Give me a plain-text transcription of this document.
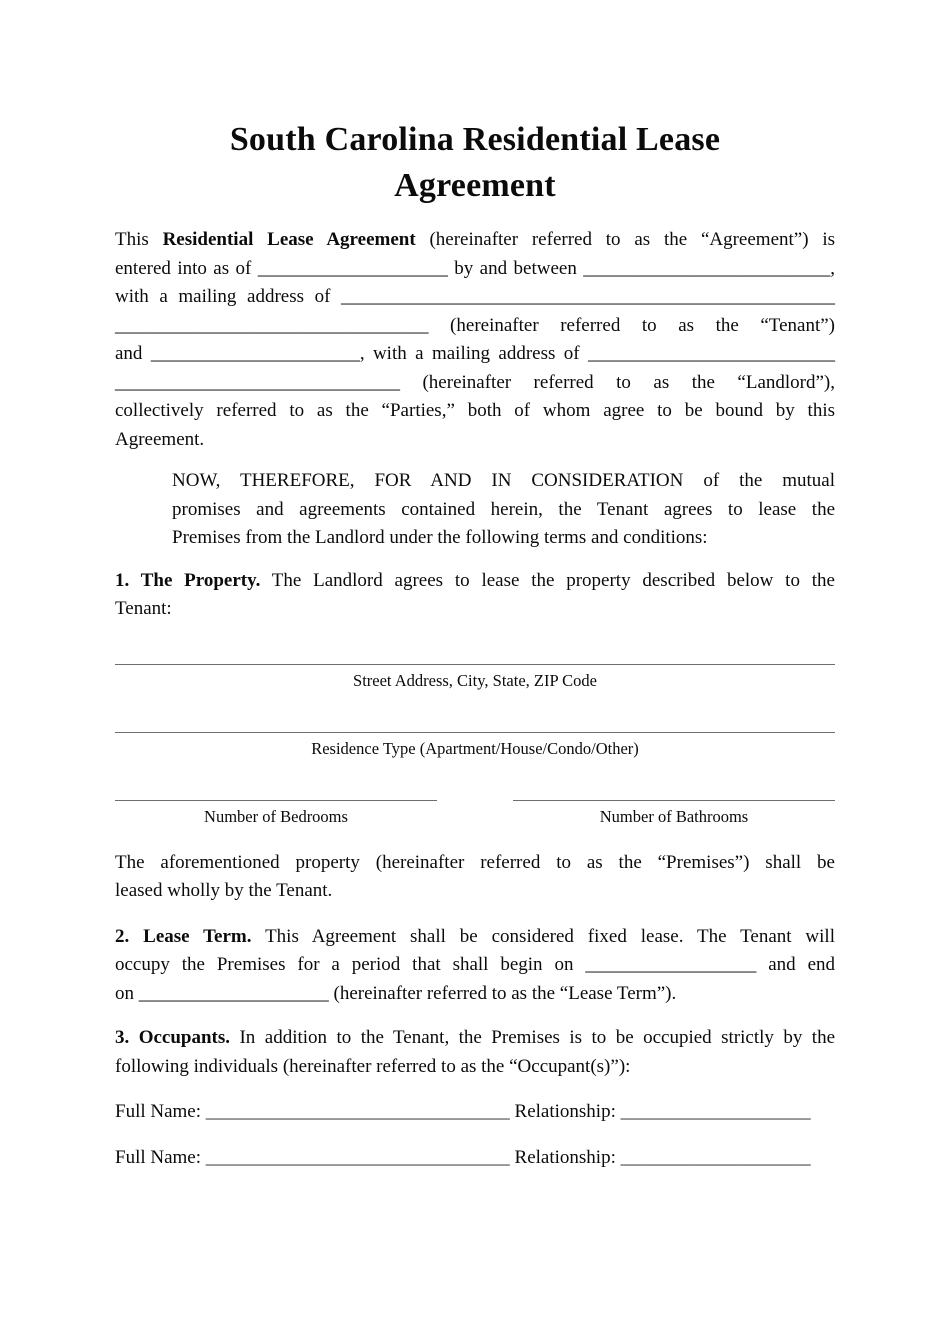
South Carolina Residential Lease
Agreement
This Residential Lease Agreement (hereinafter referred to as the “Agreement”) is
entered into as of ____________________ by and between __________________________,
with a mailing address of ____________________________________________________
_________________________________ (hereinafter referred to as the “Tenant”)
and ______________________, with a mailing address of __________________________
______________________________ (hereinafter referred to as the “Landlord”),
collectively referred to as the “Parties,” both of whom agree to be bound by this
Agreement.
NOW, THEREFORE, FOR AND IN CONSIDERATION of the mutual
promises and agreements contained herein, the Tenant agrees to lease the
Premises from the Landlord under the following terms and conditions:
1. The Property. The Landlord agrees to lease the property described below to the
Tenant:
Street Address, City, State, ZIP Code
Residence Type (Apartment/House/Condo/Other)
Number of Bedrooms	Number of Bathrooms
The aforementioned property (hereinafter referred to as the “Premises”) shall be
leased wholly by the Tenant.
2. Lease Term. This Agreement shall be considered fixed lease. The Tenant will
occupy the Premises for a period that shall begin on __________________ and end
on ____________________ (hereinafter referred to as the “Lease Term”).
3. Occupants. In addition to the Tenant, the Premises is to be occupied strictly by the
following individuals (hereinafter referred to as the “Occupant(s)”):
Full Name: ________________________________ Relationship: ____________________
Full Name: ________________________________ Relationship: ____________________
